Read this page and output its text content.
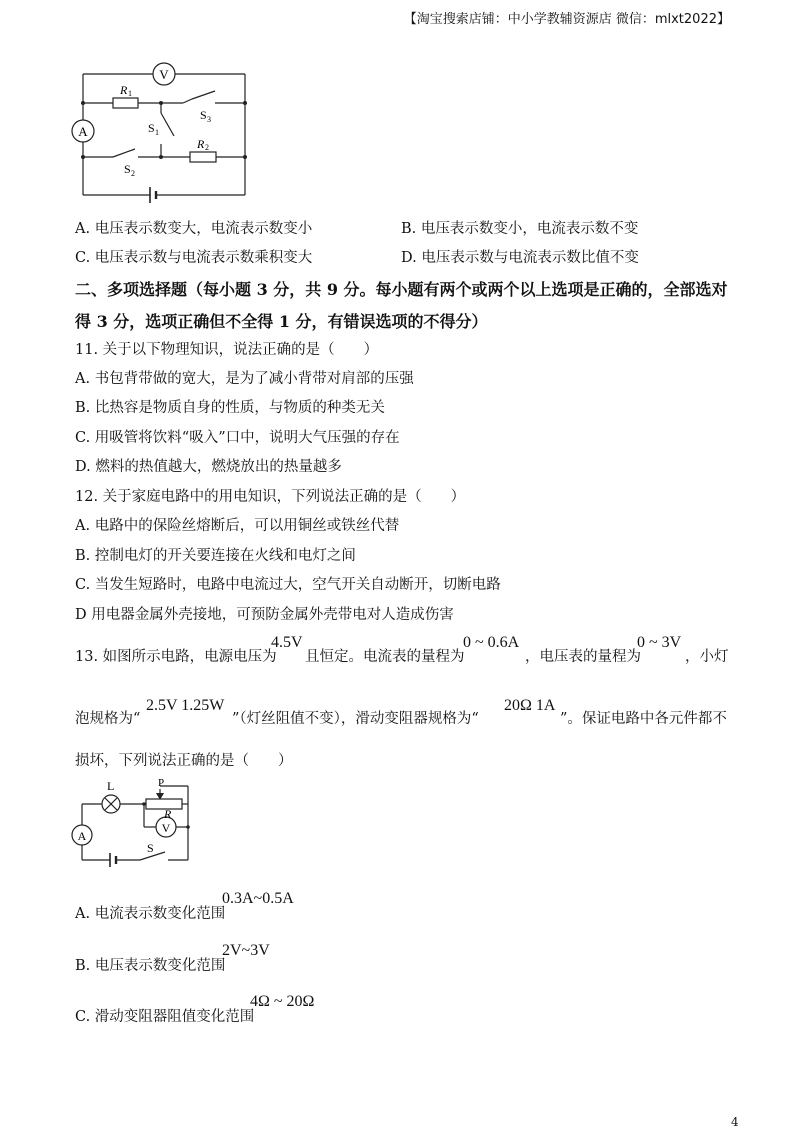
【淘宝搜索店铺：中小学教辅资源店 微信：mlxt2022】
V
A
R 1
R 2
S 1
S 2
S 3
A. 电压表示数变大，电流表示数变小	B. 电压表示数变小，电流表示数不变
C. 电压表示数与电流表示数乘积变大	D. 电压表示数与电流表示数比值不变
二、多项选择题（每小题 3 分，共 9 分。每小题有两个或两个以上选项是正确的，全部选对
得 3 分，选项正确但不全得 1 分，有错误选项的不得分）
11. 关于以下物理知识，说法正确的是（　　）
A. 书包背带做的宽大，是为了减小背带对肩部的压强
B. 比热容是物质自身的性质，与物质的种类无关
C. 用吸管将饮料“吸入”口中，说明大气压强的存在
D. 燃料的热值越大，燃烧放出的热量越多
12. 关于家庭电路中的用电知识，下列说法正确的是（　　）
A. 电路中的保险丝熔断后，可以用铜丝或铁丝代替
B. 控制电灯的开关要连接在火线和电灯之间
C. 当发生短路时，电路中电流过大，空气开关自动断开，切断电路
D 用电器金属外壳接地，可预防金属外壳带电对人造成伤害
13. 如图所示电路，电源电压为
4.5V
且恒定。电流表的量程为
0 ~ 0.6A
，电压表的量程为
0 ~ 3V
，小灯
泡规格为“
2.5V 1.25W
”（灯丝阻值不变），滑动变阻器规格为“
20Ω 1A
”。保证电路中各元件都不
损坏，下列说法正确的是（　　）
V
A
L	P
R
S
A. 电流表示数变化范围
0.3A~0.5A
B. 电压表示数变化范围
2V~3V
C. 滑动变阻器阻值变化范围
4Ω ~ 20Ω
4
